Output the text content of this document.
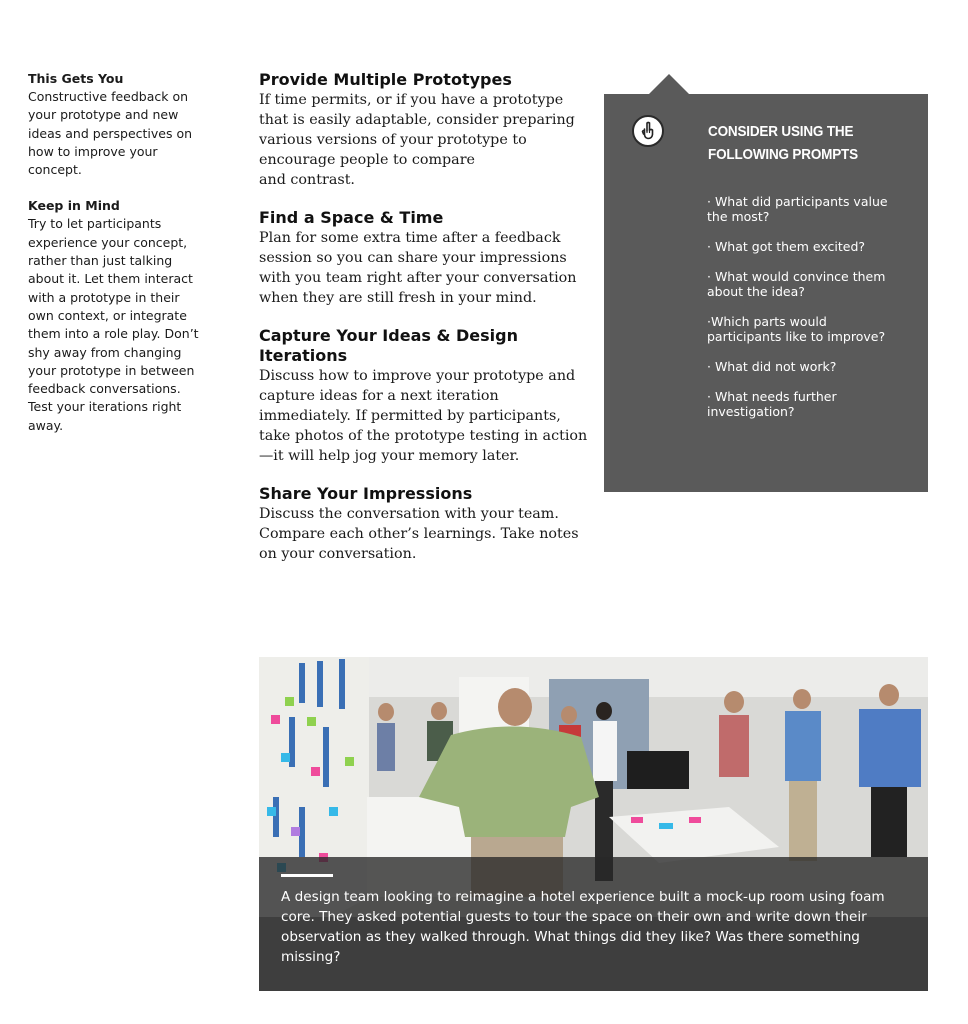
This Gets You
Constructive feedback on your prototype and new ideas and perspectives on how to improve your concept.
Keep in Mind
Try to let participants experience your concept, rather than just talking about it. Let them interact with a prototype in their own context, or integrate them into a role play. Don’t shy away from changing your prototype in between feedback conversations. Test your iterations right away.
Provide Multiple Prototypes
If time permits, or if you have a prototype that is easily adaptable, consider preparing various versions of your prototype to encourage people to compare
and contrast.
Find a Space & Time
Plan for some extra time after a feedback session so you can share your impressions with you team right after your conversation when they are still fresh in your mind.
Capture Your Ideas & Design Iterations
Discuss how to improve your prototype and capture ideas for a next iteration immediately. If permitted by participants, take photos of the prototype testing in action—it will help jog your memory later.
Share Your Impressions
Discuss the conversation with your team. Compare each other’s learnings. Take notes on your conversation.
CONSIDER USING THE FOLLOWING PROMPTS
· What did participants value
the most?
· What got them excited?
· What would convince them
about the idea?
·Which parts would
participants like to improve?
· What did not work?
· What needs further
investigation?
A design team looking to reimagine a hotel experience built a mock-up room using foam core. They asked potential guests to tour the space on their own and write down their observation as they walked through. What things did they like? Was there something missing?
